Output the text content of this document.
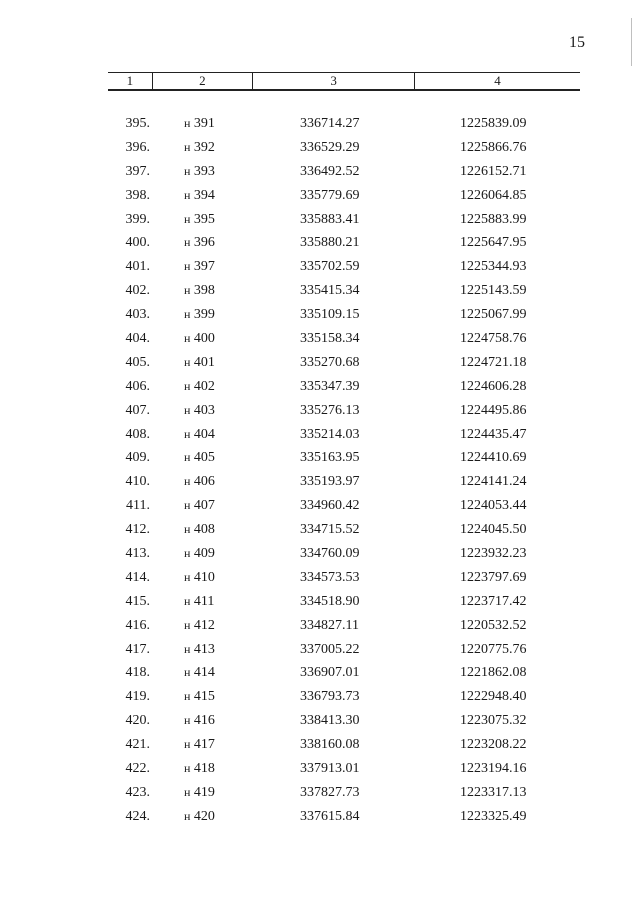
15
1	2	3	4
395.	н 391	336714.27	1225839.09
396.	н 392	336529.29	1225866.76
397.	н 393	336492.52	1226152.71
398.	н 394	335779.69	1226064.85
399.	н 395	335883.41	1225883.99
400.	н 396	335880.21	1225647.95
401.	н 397	335702.59	1225344.93
402.	н 398	335415.34	1225143.59
403.	н 399	335109.15	1225067.99
404.	н 400	335158.34	1224758.76
405.	н 401	335270.68	1224721.18
406.	н 402	335347.39	1224606.28
407.	н 403	335276.13	1224495.86
408.	н 404	335214.03	1224435.47
409.	н 405	335163.95	1224410.69
410.	н 406	335193.97	1224141.24
411.	н 407	334960.42	1224053.44
412.	н 408	334715.52	1224045.50
413.	н 409	334760.09	1223932.23
414.	н 410	334573.53	1223797.69
415.	н 411	334518.90	1223717.42
416.	н 412	334827.11	1220532.52
417.	н 413	337005.22	1220775.76
418.	н 414	336907.01	1221862.08
419.	н 415	336793.73	1222948.40
420.	н 416	338413.30	1223075.32
421.	н 417	338160.08	1223208.22
422.	н 418	337913.01	1223194.16
423.	н 419	337827.73	1223317.13
424.	н 420	337615.84	1223325.49
